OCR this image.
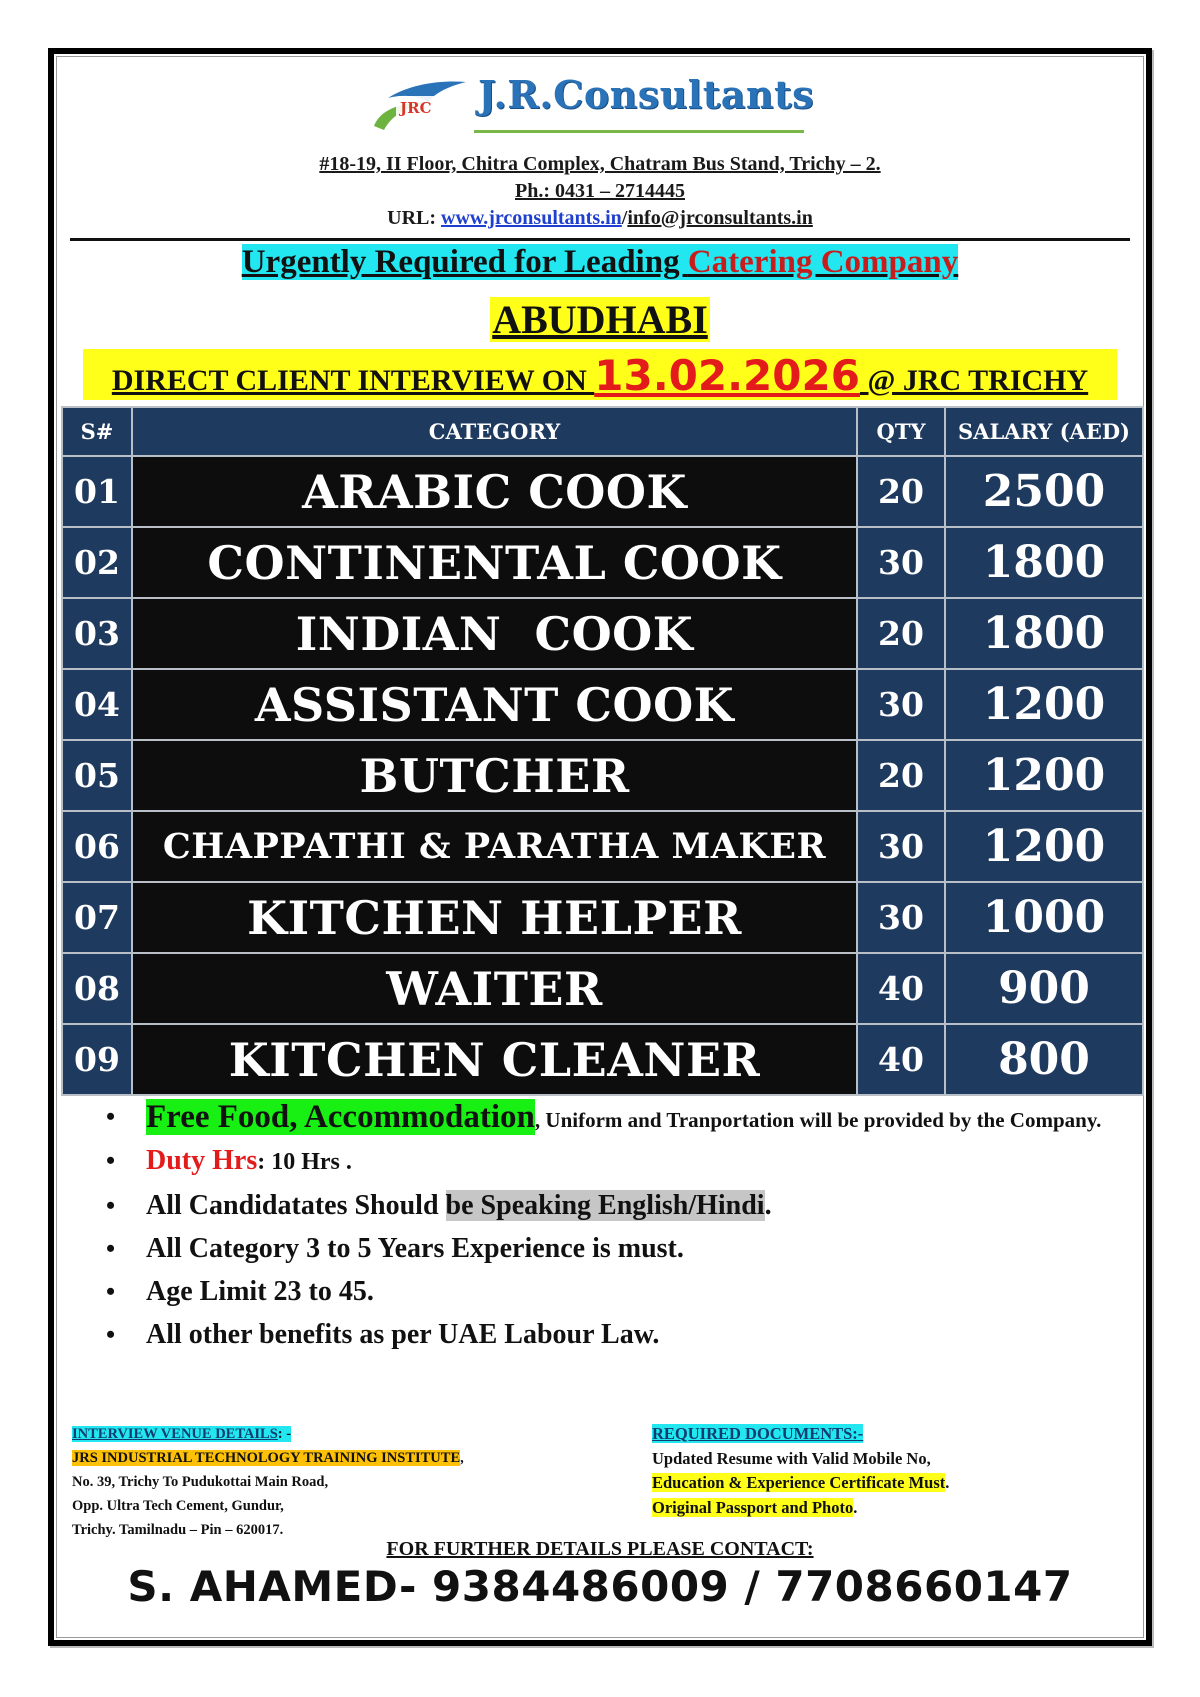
JRC J.R.Consultants
#18-19, II Floor, Chitra Complex, Chatram Bus Stand, Trichy – 2.
Ph.: 0431 – 2714445
URL: www.jrconsultants.in/info@jrconsultants.in
Urgently Required for Leading Catering Company
ABUDHABI
DIRECT CLIENT INTERVIEW ON 13.02.2026 @ JRC TRICHY
S#	CATEGORY	QTY	SALARY (AED)
01	ARABIC COOK	20	2500
02	CONTINENTAL COOK	30	1800
03	INDIAN  COOK	20	1800
04	ASSISTANT COOK	30	1200
05	BUTCHER	20	1200
06	CHAPPATHI & PARATHA MAKER	30	1200
07	KITCHEN HELPER	30	1000
08	WAITER	40	900
09	KITCHEN CLEANER	40	800
• Free Food, Accommodation, Uniform and Tranportation will be provided by the Company.
• Duty Hrs: 10 Hrs .
• All Candidatates Should be Speaking English/Hindi.
• All Category 3 to 5 Years Experience is must.
• Age Limit 23 to 45.
• All other benefits as per UAE Labour Law.
INTERVIEW VENUE DETAILS: -
JRS INDUSTRIAL TECHNOLOGY TRAINING INSTITUTE,
No. 39, Trichy To Pudukottai Main Road,
Opp. Ultra Tech Cement, Gundur,
Trichy. Tamilnadu – Pin – 620017.
REQUIRED DOCUMENTS:-
Updated Resume with Valid Mobile No,
Education & Experience Certificate Must.
Original Passport and Photo.
FOR FURTHER DETAILS PLEASE CONTACT:
S. AHAMED- 9384486009 / 7708660147
